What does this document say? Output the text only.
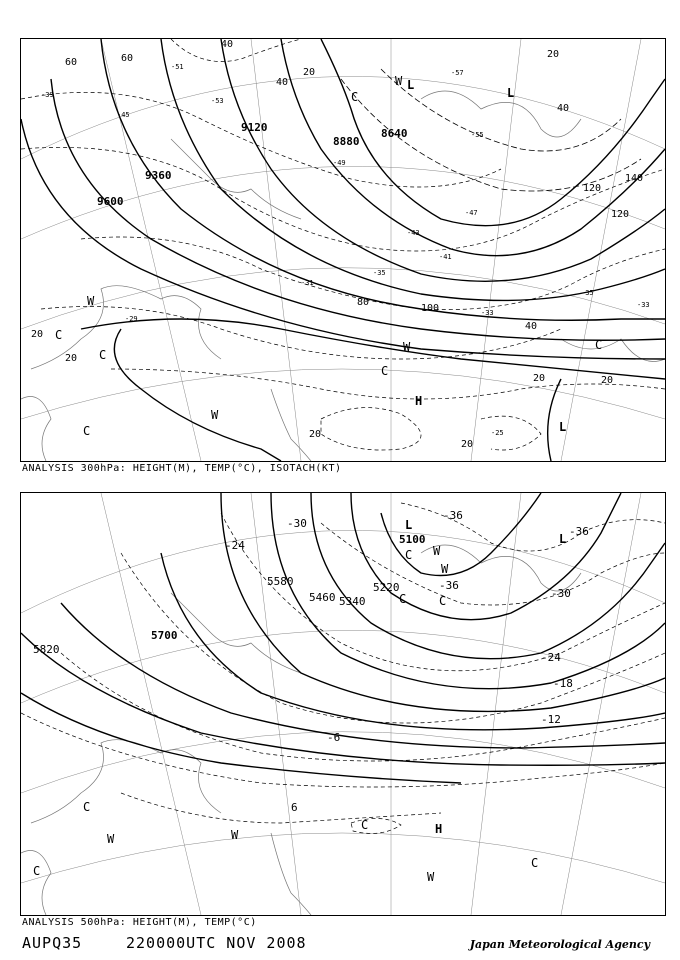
9120
9360
9600
8880
8640
40
20
40
60
60
80
100
120
140
120
40
20
20
20
20
20
20
40
20
-39
-45
-51
-53
-57
-55
-49
-43
-47
-41
-35
-33
-31
-29
-33
-35
-25
W
C
C
W
C
W
C
H
L
L
L
W
C
C
ANALYSIS 300hPa: HEIGHT(M), TEMP(°C), ISOTACH(KT)
5100
5220
5340
5460
5580
5700
5820
-36
-36
-36
-30
-30
-24
-24
-18
-12
-6
6
L
L
C
C
C
W
W	W
C
C
H
W
C
C
W
ANALYSIS 500hPa: HEIGHT(M), TEMP(°C)
AUPQ35	220000UTC NOV 2008	Japan Meteorological Agency
